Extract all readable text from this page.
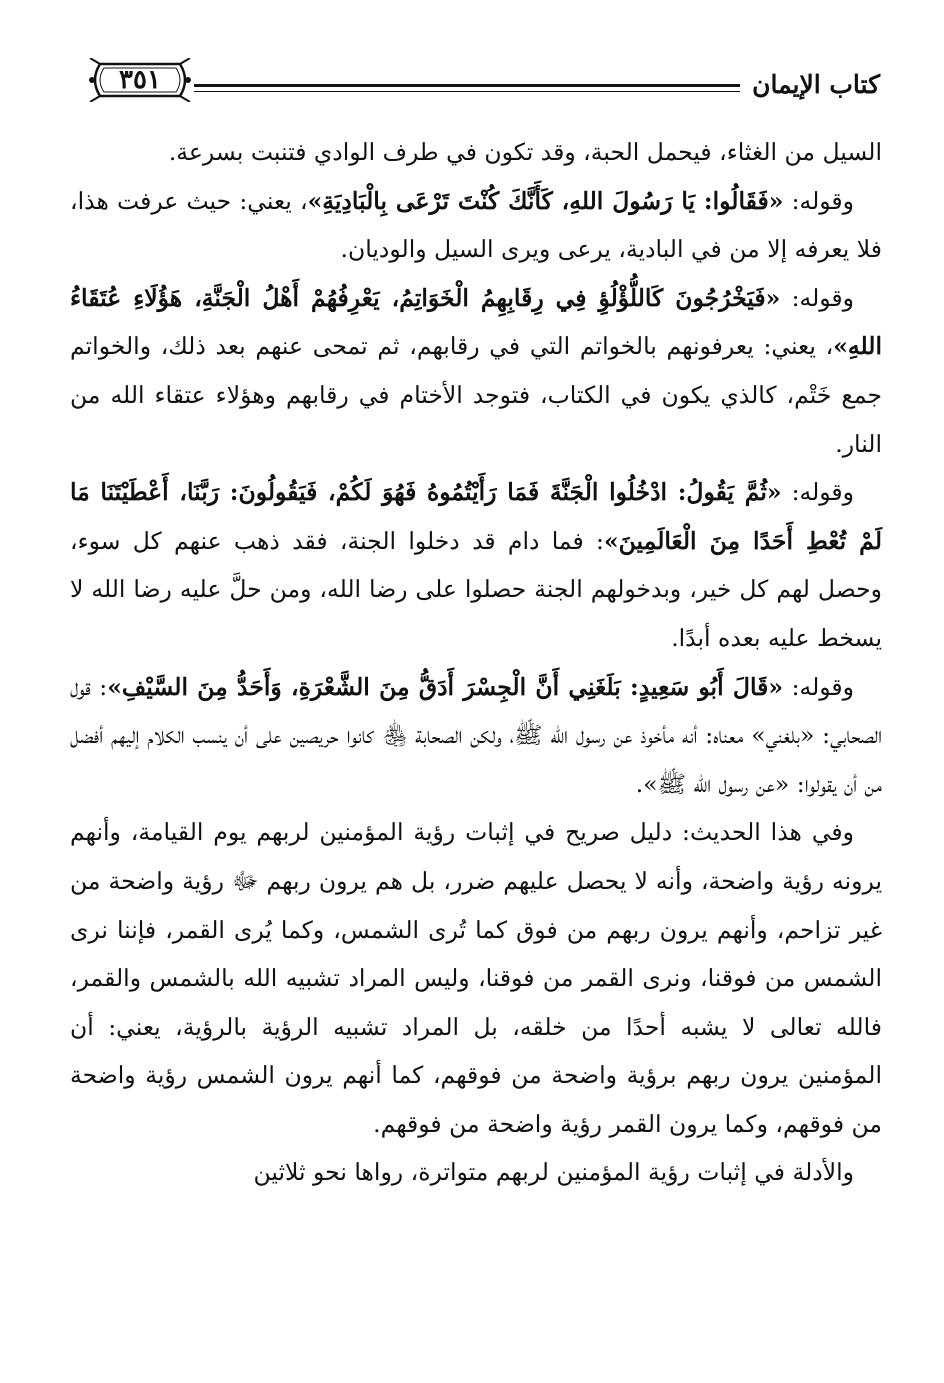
كتاب الإيمان
٣٥١

السيل من الغثاء، فيحمل الحبة، وقد تكون في طرف الوادي فتنبت بسرعة.

وقوله: «فَقَالُوا: يَا رَسُولَ اللهِ، كَأَنَّكَ كُنْتَ تَرْعَى بِالْبَادِيَةِ»، يعني: حيث عرفت هذا، فلا يعرفه إلا من في البادية، يرعى ويرى السيل والوديان.

وقوله: «فَيَخْرُجُونَ كَاللُّؤْلُؤِ فِي رِقَابِهِمُ الْخَوَاتِمُ، يَعْرِفُهُمْ أَهْلُ الْجَنَّةِ، هَؤُلَاءِ عُتَقَاءُ اللهِ»، يعني: يعرفونهم بالخواتم التي في رقابهم، ثم تمحى عنهم بعد ذلك، والخواتم جمع خَتْم، كالذي يكون في الكتاب، فتوجد الأختام في رقابهم وهؤلاء عتقاء الله من النار.

وقوله: «ثُمَّ يَقُولُ: ادْخُلُوا الْجَنَّةَ فَمَا رَأَيْتُمُوهُ فَهُوَ لَكُمْ، فَيَقُولُونَ: رَبَّنَا، أَعْطَيْتَنَا مَا لَمْ تُعْطِ أَحَدًا مِنَ الْعَالَمِينَ»: فما دام قد دخلوا الجنة، فقد ذهب عنهم كل سوء، وحصل لهم كل خير، وبدخولهم الجنة حصلوا على رضا الله، ومن حلَّ عليه رضا الله لا يسخط عليه بعده أبدًا.

وقوله: «قَالَ أَبُو سَعِيدٍ: بَلَغَنِي أَنَّ الْجِسْرَ أَدَقُّ مِنَ الشَّعْرَةِ، وَأَحَدُّ مِنَ السَّيْفِ»: قول الصحابي: «بلغني» معناه: أنه مأخوذ عن رسول الله ﷺ، ولكن الصحابة ﵃ كانوا حريصين على أن ينسب الكلام إليهم أفضل من أن يقولوا: «عن رسول الله ﷺ».

وفي هذا الحديث: دليل صريح في إثبات رؤية المؤمنين لربهم يوم القيامة، وأنهم يرونه رؤية واضحة، وأنه لا يحصل عليهم ضرر، بل هم يرون ربهم ﷻ رؤية واضحة من غير تزاحم، وأنهم يرون ربهم من فوق كما تُرى الشمس، وكما يُرى القمر، فإننا نرى الشمس من فوقنا، ونرى القمر من فوقنا، وليس المراد تشبيه الله بالشمس والقمر، فالله تعالى لا يشبه أحدًا من خلقه، بل المراد تشبيه الرؤية بالرؤية، يعني: أن المؤمنين يرون ربهم برؤية واضحة من فوقهم، كما أنهم يرون الشمس رؤية واضحة من فوقهم، وكما يرون القمر رؤية واضحة من فوقهم.

والأدلة في إثبات رؤية المؤمنين لربهم متواترة، رواها نحو ثلاثين
